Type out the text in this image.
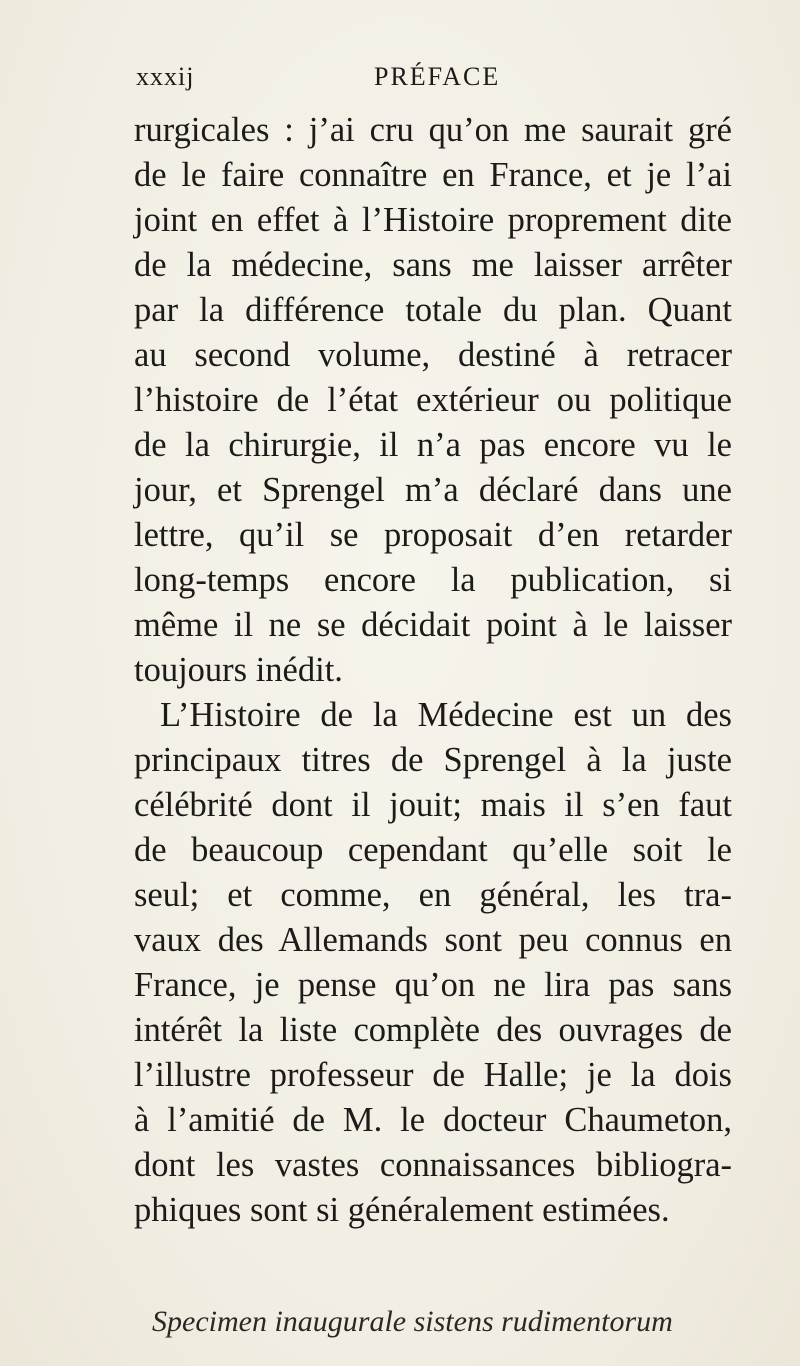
xxxij	PRÉFACE
rurgicales : j’ai cru qu’on me saurait gré
de le faire connaître en France, et je l’ai
joint en effet à l’Histoire proprement dite
de la médecine, sans me laisser arrêter
par la différence totale du plan. Quant
au second volume, destiné à retracer
l’histoire de l’état extérieur ou politique
de la chirurgie, il n’a pas encore vu le
jour, et Sprengel m’a déclaré dans une
lettre, qu’il se proposait d’en retarder
long-temps encore la publication, si
même il ne se décidait point à le laisser
toujours inédit.
L’Histoire de la Médecine est un des
principaux titres de Sprengel à la juste
célébrité dont il jouit; mais il s’en faut
de beaucoup cependant qu’elle soit le
seul; et comme, en général, les tra-
vaux des Allemands sont peu connus en
France, je pense qu’on ne lira pas sans
intérêt la liste complète des ouvrages de
l’illustre professeur de Halle; je la dois
à l’amitié de M. le docteur Chaumeton,
dont les vastes connaissances bibliogra-
phiques sont si généralement estimées.
Specimen inaugurale sistens rudimentorum
